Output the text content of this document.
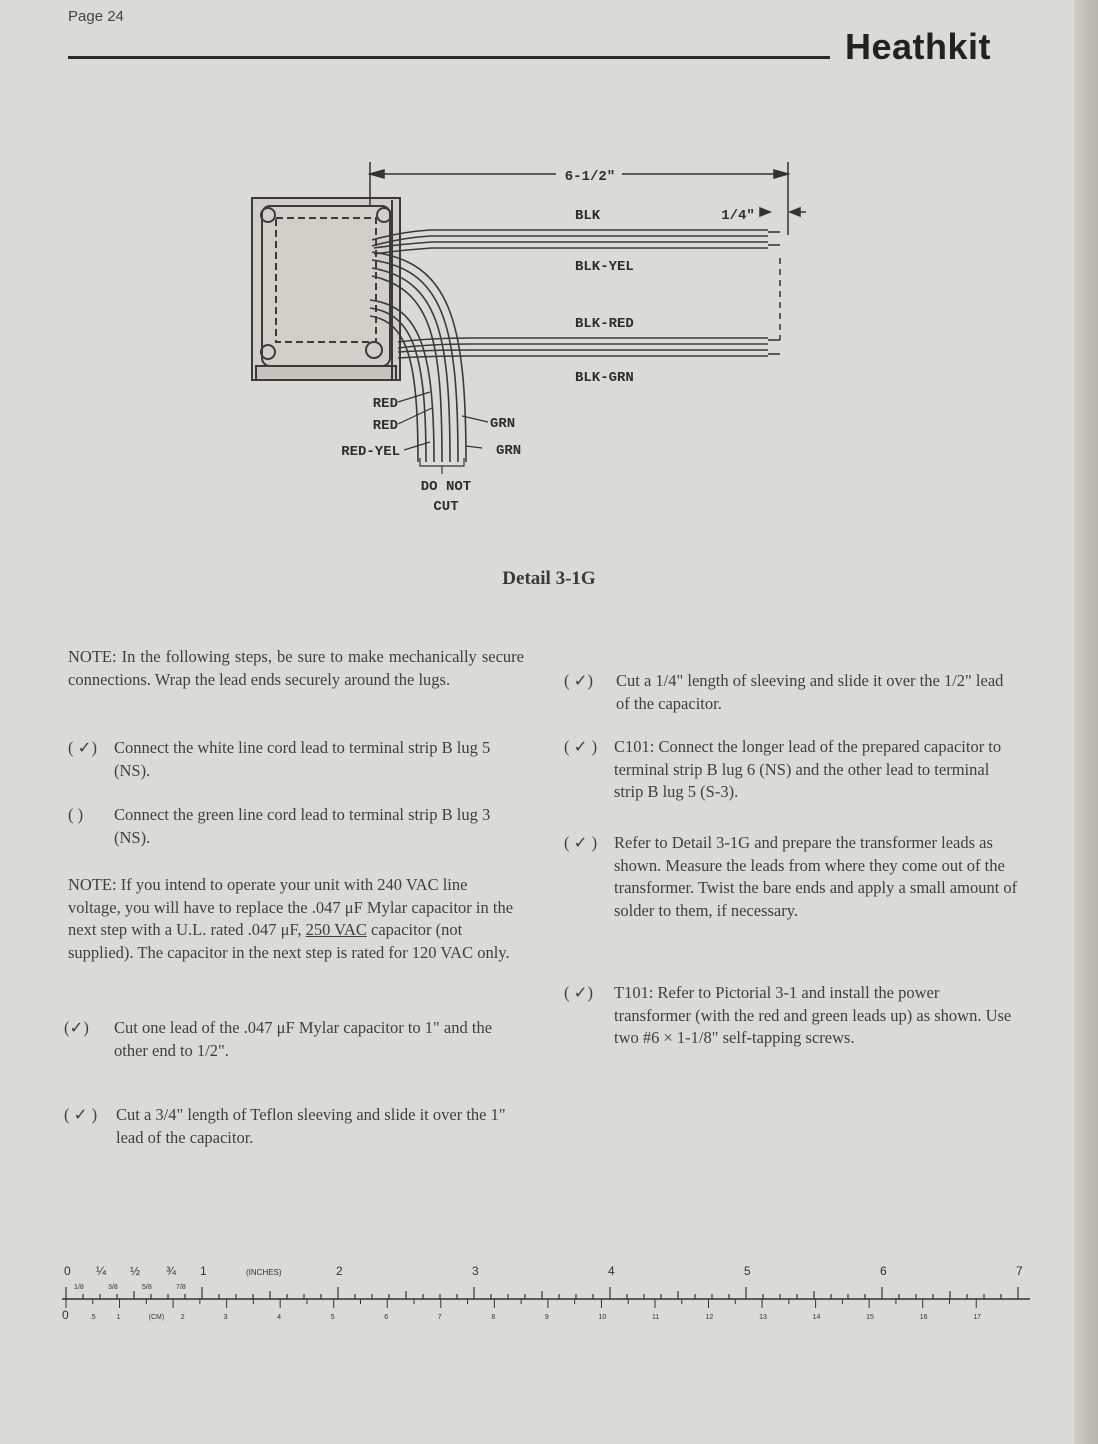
Page 24
Heathkit
6-1/2"
1/4"
BLK
BLK-YEL
BLK-RED
BLK-GRN
RED
RED
RED-YEL
GRN
GRN
DO NOT
CUT
Detail 3-1G
NOTE: In the following steps, be sure to make mechanically secure connections. Wrap the lead ends securely around the lugs.
( ✓)	Connect the white line cord lead to terminal strip B lug 5 (NS).
( )	Connect the green line cord lead to terminal strip B lug 3 (NS).
NOTE: If you intend to operate your unit with 240 VAC line voltage, you will have to replace the .047 μF Mylar capacitor in the next step with a U.L. rated .047 μF, 250 VAC capacitor (not supplied). The capacitor in the next step is rated for 120 VAC only.
(✓)	Cut one lead of the .047 μF Mylar capacitor to 1" and the other end to 1/2".
( ✓ )	Cut a 3/4" length of Teflon sleeving and slide it over the 1" lead of the capacitor.
( ✓)	Cut a 1/4" length of sleeving and slide it over the 1/2" lead of the capacitor.
( ✓ )	C101: Connect the longer lead of the prepared capacitor to terminal strip B lug 6 (NS) and the other lead to terminal strip B lug 5 (S-3).
( ✓ )	Refer to Detail 3-1G and prepare the transformer leads as shown. Measure the leads from where they come out of the transformer. Twist the bare ends and apply a small amount of solder to them, if necessary.
( ✓)	T101: Refer to Pictorial 3-1 and install the power transformer (with the red and green leads up) as shown. Use two #6 × 1-1/8" self-tapping screws.
0 ¼ ½ ¾ 1	(INCHES)	2	3	4	5	6	7
1/8	3/8	5/8	7/8
0	.5	1	(CM) 2	3	4	5	6	7	8	9	10	11	12	13	14	15	16	17
